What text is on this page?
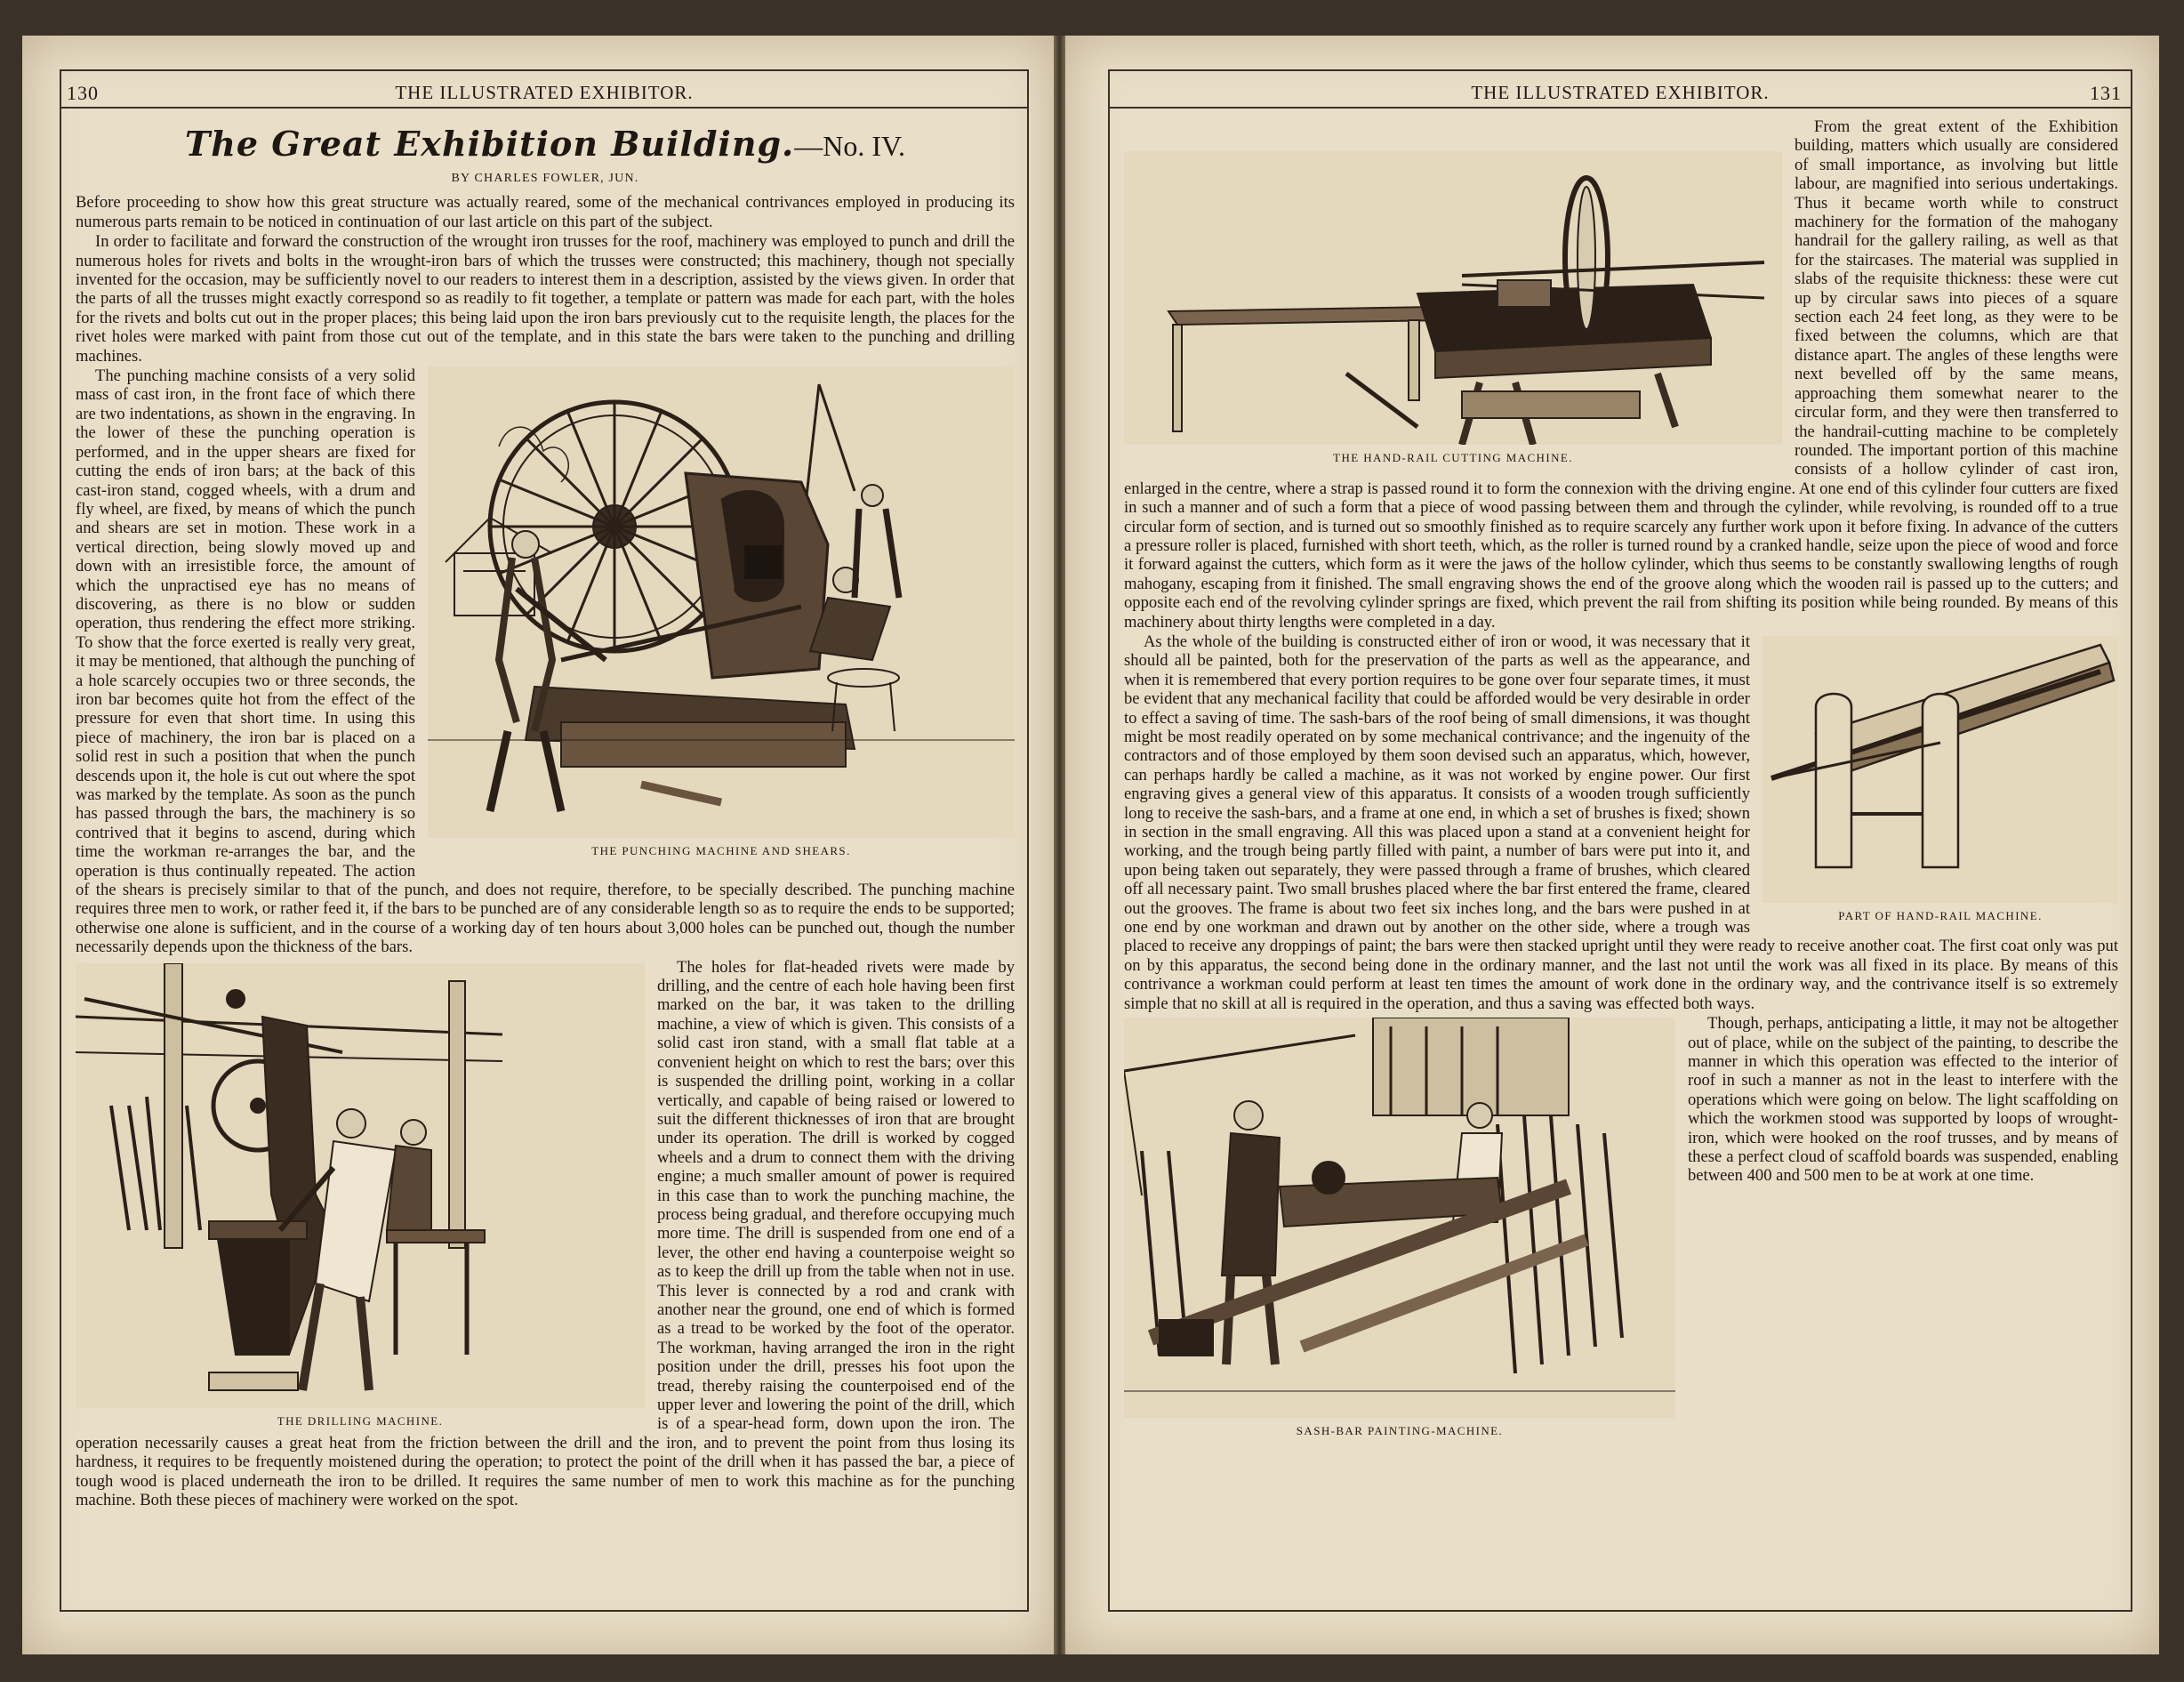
130	THE ILLUSTRATED EXHIBITOR.
The Great Exhibition Building.—No. IV.
BY CHARLES FOWLER, JUN.

Before proceeding to show how this great structure was actually reared, some of the mechanical contrivances employed in producing its numerous parts remain to be noticed in continuation of our last article on this part of the subject.

In order to facilitate and forward the construction of the wrought iron trusses for the roof, machinery was employed to punch and drill the numerous holes for rivets and bolts in the wrought-iron bars of which the trusses were constructed; this machinery, though not specially invented for the occasion, may be sufficiently novel to our readers to interest them in a description, assisted by the views given. In order that the parts of all the trusses might exactly correspond so as readily to fit together, a template or pattern was made for each part, with the holes for the rivets and bolts cut out in the proper places; this being laid upon the iron bars previously cut to the requisite length, the places for the rivet holes were marked with paint from those cut out of the template, and in this state the bars were taken to the punching and drilling machines.

THE PUNCHING MACHINE AND SHEARS.

The punching machine consists of a very solid mass of cast iron, in the front face of which there are two indentations, as shown in the engraving. In the lower of these the punching operation is performed, and in the upper shears are fixed for cutting the ends of iron bars; at the back of this cast-iron stand, cogged wheels, with a drum and fly wheel, are fixed, by means of which the punch and shears are set in motion. These work in a vertical direction, being slowly moved up and down with an irresistible force, the amount of which the unpractised eye has no means of discovering, as there is no blow or sudden operation, thus rendering the effect more striking. To show that the force exerted is really very great, it may be mentioned, that although the punching of a hole scarcely occupies two or three seconds, the iron bar becomes quite hot from the effect of the pressure for even that short time. In using this piece of machinery, the iron bar is placed on a solid rest in such a position that when the punch descends upon it, the hole is cut out where the spot was marked by the template. As soon as the punch has passed through the bars, the machinery is so contrived that it begins to ascend, during which time the workman re-arranges the bar, and the operation is thus continually repeated. The action of the shears is precisely similar to that of the punch, and does not require, therefore, to be specially described. The punching machine requires three men to work, or rather feed it, if the bars to be punched are of any considerable length so as to require the ends to be supported; otherwise one alone is sufficient, and in the course of a working day of ten hours about 3,000 holes can be punched out, though the number necessarily depends upon the thickness of the bars.

THE DRILLING MACHINE.

The holes for flat-headed rivets were made by drilling, and the centre of each hole having been first marked on the bar, it was taken to the drilling machine, a view of which is given. This consists of a solid cast iron stand, with a small flat table at a convenient height on which to rest the bars; over this is suspended the drilling point, working in a collar vertically, and capable of being raised or lowered to suit the different thicknesses of iron that are brought under its operation. The drill is worked by cogged wheels and a drum to connect them with the driving engine; a much smaller amount of power is required in this case than to work the punching machine, the process being gradual, and therefore occupying much more time. The drill is suspended from one end of a lever, the other end having a counterpoise weight so as to keep the drill up from the table when not in use. This lever is connected by a rod and crank with another near the ground, one end of which is formed as a tread to be worked by the foot of the operator. The workman, having arranged the iron in the right position under the drill, presses his foot upon the tread, thereby raising the counterpoised end of the upper lever and lowering the point of the drill, which is of a spear-head form, down upon the iron. The operation necessarily causes a great heat from the friction between the drill and the iron, and to prevent the point from thus losing its hardness, it requires to be frequently moistened during the operation; to protect the point of the drill when it has passed the bar, a piece of tough wood is placed underneath the iron to be drilled. It requires the same number of men to work this machine as for the punching machine. Both these pieces of machinery were worked on the spot.

THE ILLUSTRATED EXHIBITOR.	131
THE HAND-RAIL CUTTING MACHINE.

From the great extent of the Exhibition building, matters which usually are considered of small importance, as involving but little labour, are magnified into serious undertakings. Thus it became worth while to construct machinery for the formation of the mahogany handrail for the gallery railing, as well as that for the staircases. The material was supplied in slabs of the requisite thickness: these were cut up by circular saws into pieces of a square section each 24 feet long, as they were to be fixed between the columns, which are that distance apart. The angles of these lengths were next bevelled off by the same means, approaching them somewhat nearer to the circular form, and they were then transferred to the handrail-cutting machine to be completely rounded. The important portion of this machine consists of a hollow cylinder of cast iron, enlarged in the centre, where a strap is passed round it to form the connexion with the driving engine. At one end of this cylinder four cutters are fixed in such a manner and of such a form that a piece of wood passing between them and through the cylinder, while revolving, is rounded off to a true circular form of section, and is turned out so smoothly finished as to require scarcely any further work upon it before fixing. In advance of the cutters a pressure roller is placed, furnished with short teeth, which, as the roller is turned round by a cranked handle, seize upon the piece of wood and force it forward against the cutters, which form as it were the jaws of the hollow cylinder, which thus seems to be constantly swallowing lengths of rough mahogany, escaping from it finished. The small engraving shows the end of the groove along which the wooden rail is passed up to the cutters; and opposite each end of the revolving cylinder springs are fixed, which prevent the rail from shifting its position while being rounded. By means of this machinery about thirty lengths were completed in a day.

PART OF HAND-RAIL MACHINE.

As the whole of the building is constructed either of iron or wood, it was necessary that it should all be painted, both for the preservation of the parts as well as the appearance, and when it is remembered that every portion requires to be gone over four separate times, it must be evident that any mechanical facility that could be afforded would be very desirable in order to effect a saving of time. The sash-bars of the roof being of small dimensions, it was thought might be most readily operated on by some mechanical contrivance; and the ingenuity of the contractors and of those employed by them soon devised such an apparatus, which, however, can perhaps hardly be called a machine, as it was not worked by engine power. Our first engraving gives a general view of this apparatus. It consists of a wooden trough sufficiently long to receive the sash-bars, and a frame at one end, in which a set of brushes is fixed; shown in section in the small engraving. All this was placed upon a stand at a convenient height for working, and the trough being partly filled with paint, a number of bars were put into it, and upon being taken out separately, they were passed through a frame of brushes, which cleared off all necessary paint. Two small brushes placed where the bar first entered the frame, cleared out the grooves. The frame is about two feet six inches long, and the bars were pushed in at one end by one workman and drawn out by another on the other side, where a trough was placed to receive any droppings of paint; the bars were then stacked upright until they were ready to receive another coat. The first coat only was put on by this apparatus, the second being done in the ordinary manner, and the last not until the work was all fixed in its place. By means of this contrivance a workman could perform at least ten times the amount of work done in the ordinary way, and the contrivance itself is so extremely simple that no skill at all is required in the operation, and thus a saving was effected both ways.

SASH-BAR PAINTING-MACHINE.

Though, perhaps, anticipating a little, it may not be altogether out of place, while on the subject of the painting, to describe the manner in which this operation was effected to the interior of roof in such a manner as not in the least to interfere with the operations which were going on below. The light scaffolding on which the workmen stood was supported by loops of wrought-iron, which were hooked on the roof trusses, and by means of these a perfect cloud of scaffold boards was suspended, enabling between 400 and 500 men to be at work at one time.
